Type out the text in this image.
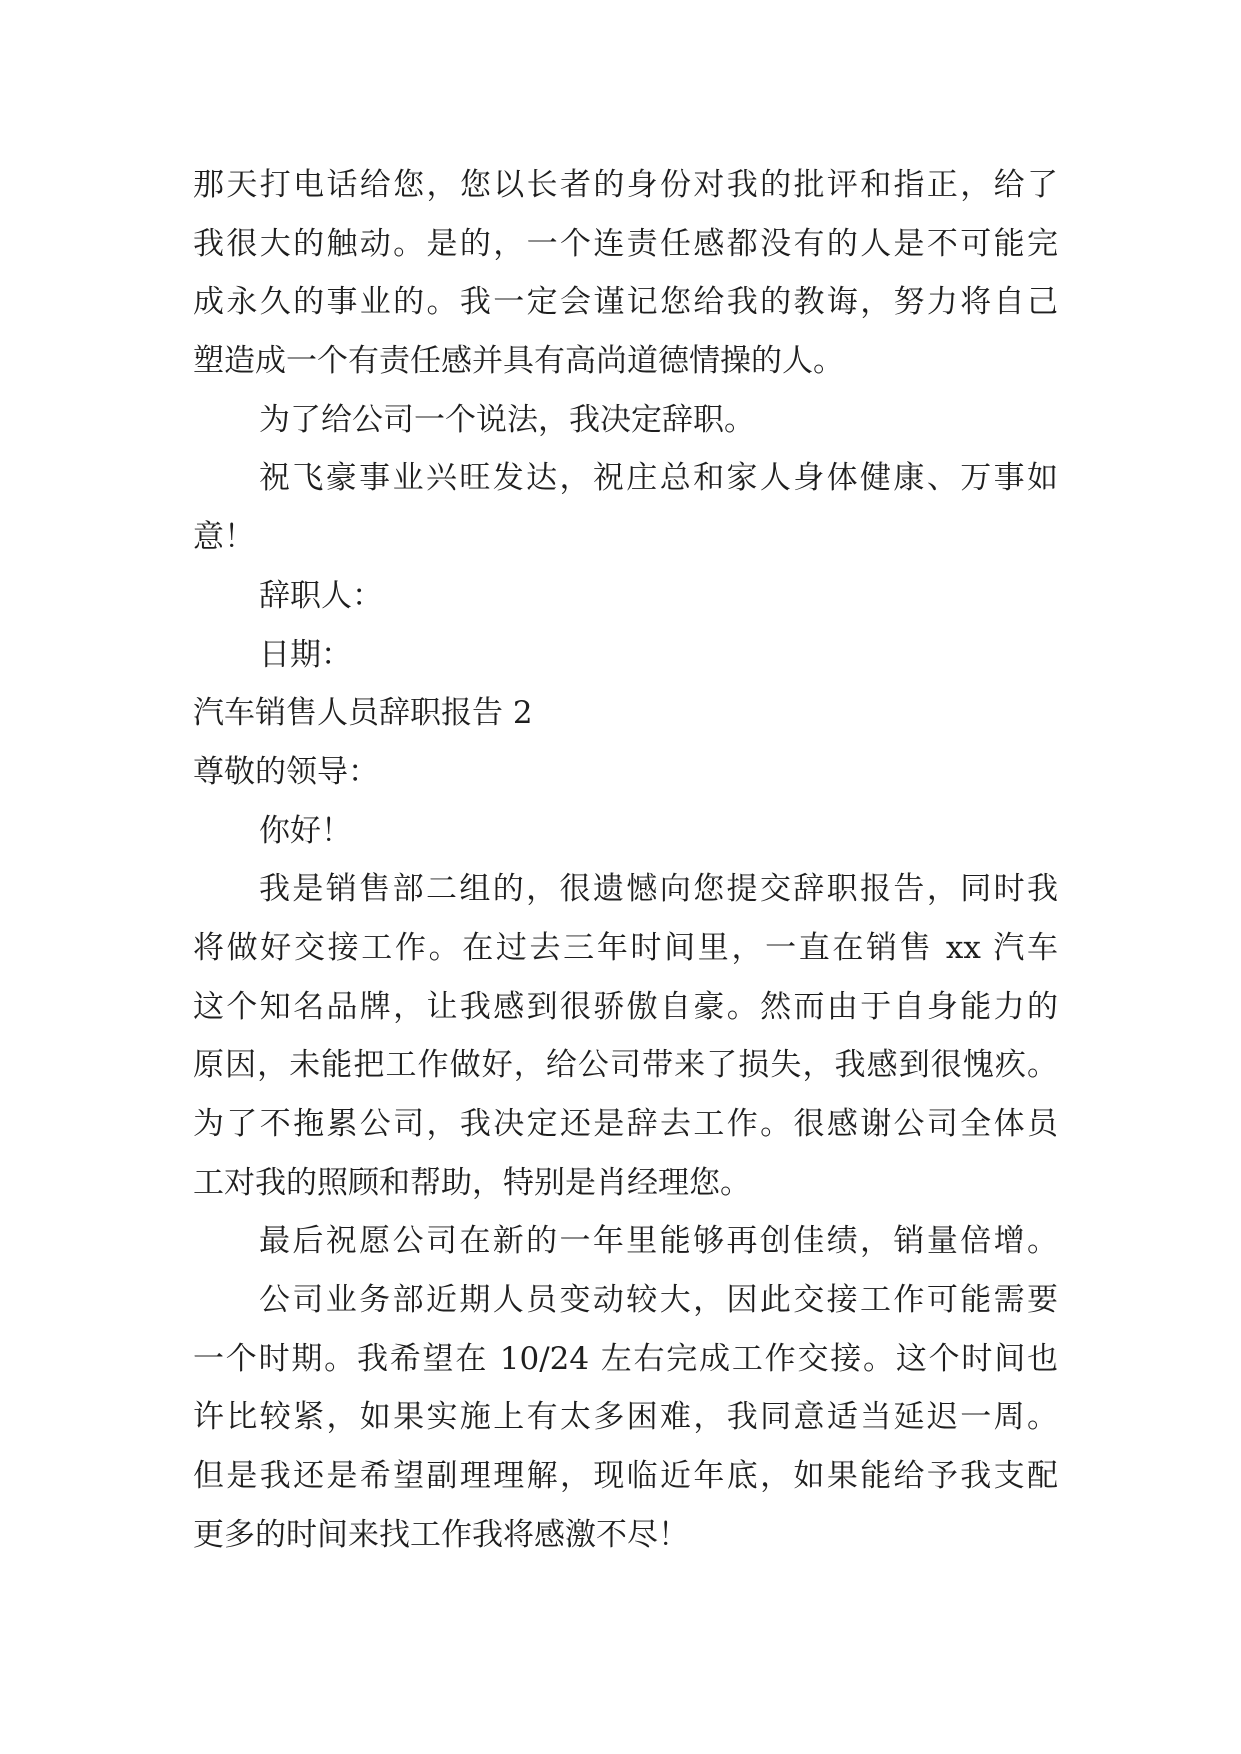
那天打电话给您，您以长者的身份对我的批评和指正，给了
我很大的触动。是的，一个连责任感都没有的人是不可能完
成永久的事业的。我一定会谨记您给我的教诲，努力将自己
塑造成一个有责任感并具有高尚道德情操的人。
为了给公司一个说法，我决定辞职。
祝飞豪事业兴旺发达，祝庄总和家人身体健康、万事如
意！
辞职人：
日期：
汽车销售人员辞职报告 2
尊敬的领导：
你好！
我是销售部二组的，很遗憾向您提交辞职报告，同时我
将做好交接工作。在过去三年时间里，一直在销售 xx 汽车
这个知名品牌，让我感到很骄傲自豪。然而由于自身能力的
原因，未能把工作做好，给公司带来了损失，我感到很愧疚。
为了不拖累公司，我决定还是辞去工作。很感谢公司全体员
工对我的照顾和帮助，特别是肖经理您。
最后祝愿公司在新的一年里能够再创佳绩，销量倍增。
公司业务部近期人员变动较大，因此交接工作可能需要
一个时期。我希望在 10/24 左右完成工作交接。这个时间也
许比较紧，如果实施上有太多困难，我同意适当延迟一周。
但是我还是希望副理理解，现临近年底，如果能给予我支配
更多的时间来找工作我将感激不尽！
